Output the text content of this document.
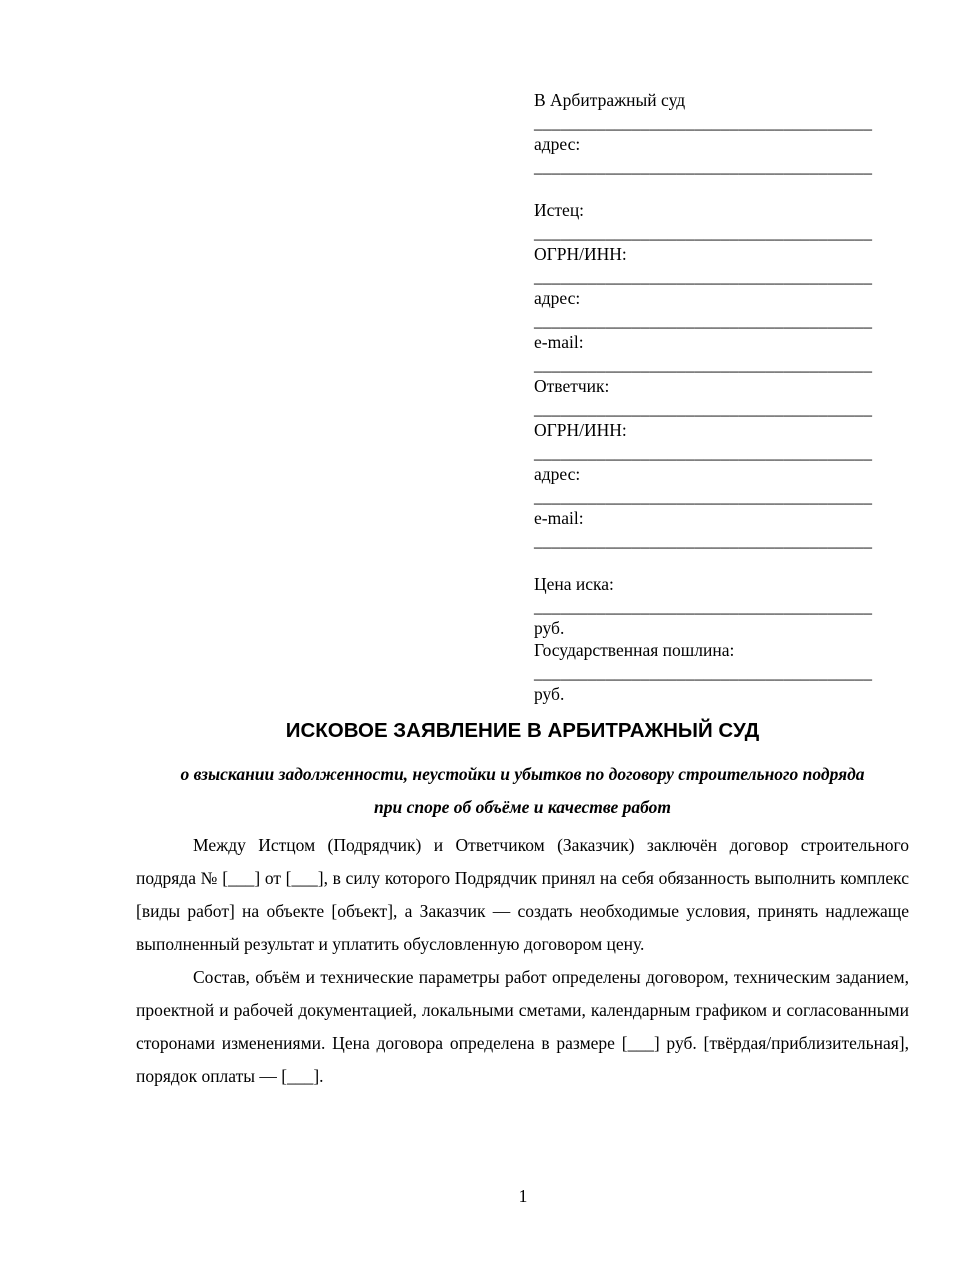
В Арбитражный суд
_____
адрес:
_____
Истец:
_____
ОГРН/ИНН:
_____
адрес:
_____
e-mail:
_____
Ответчик:
_____
ОГРН/ИНН:
_____
адрес:
_____
e-mail:
_____
Цена иска:
_____
руб.
Государственная пошлина:
_____
руб.
ИСКОВОЕ ЗАЯВЛЕНИЕ В АРБИТРАЖНЫЙ СУД
о взыскании задолженности, неустойки и убытков по договору строительного подряда
при споре об объёме и качестве работ

Между Истцом (Подрядчик) и Ответчиком (Заказчик) заключён договор строительного подряда № [___] от [___], в силу которого Подрядчик принял на себя обязанность выполнить комплекс [виды работ] на объекте [объект], а Заказчик — создать необходимые условия, принять надлежаще выполненный результат и уплатить обусловленную договором цену.

Состав, объём и технические параметры работ определены договором, техническим заданием, проектной и рабочей документацией, локальными сметами, календарным графиком и согласованными сторонами изменениями. Цена договора определена в размере [___] руб. [твёрдая/приблизительная], порядок оплаты — [___].

1
